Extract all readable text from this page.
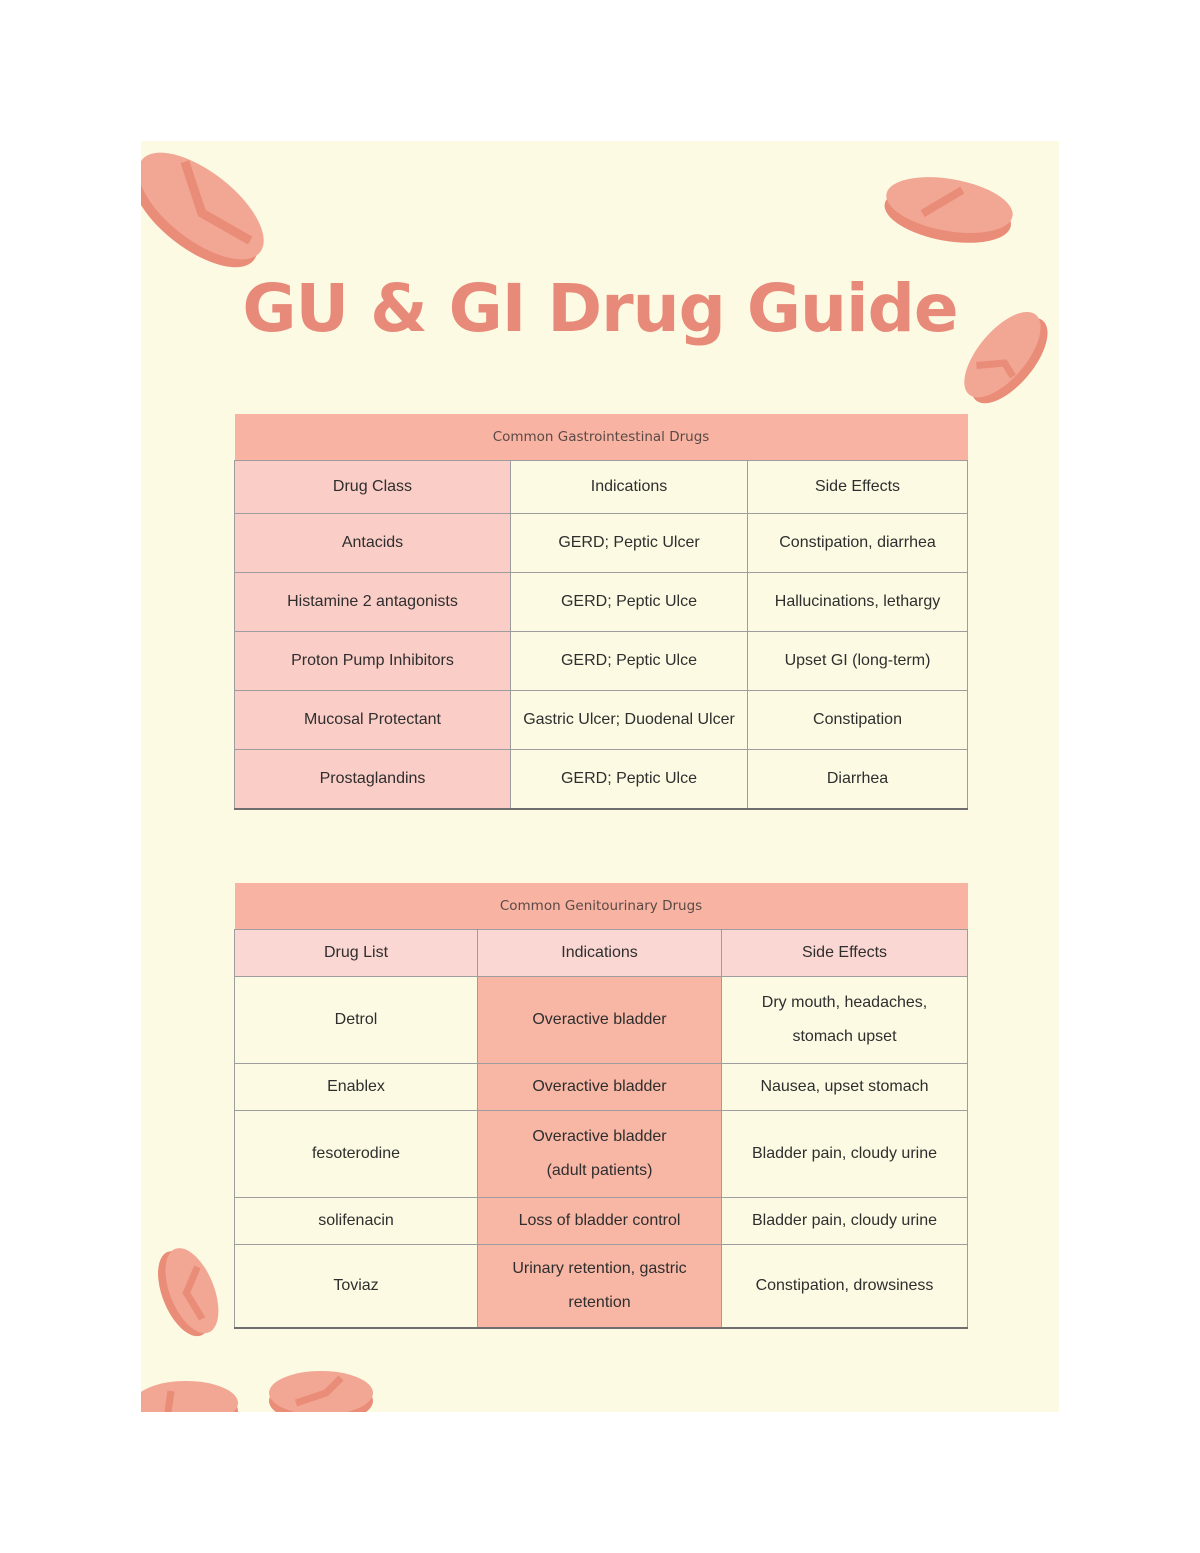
GU & GI Drug Guide
Common Gastrointestinal Drugs		
Drug Class	Indications	Side Effects
Antacids	GERD; Peptic Ulcer	Constipation, diarrhea
Histamine 2 antagonists	GERD; Peptic Ulce	Hallucinations, lethargy
Proton Pump Inhibitors	GERD; Peptic Ulce	Upset GI (long-term)
Mucosal Protectant	Gastric Ulcer; Duodenal Ulcer	Constipation
Prostaglandins	GERD; Peptic Ulce	Diarrhea
Common Genitourinary Drugs		
Drug List	Indications	Side Effects
Detrol	Overactive bladder	Dry mouth, headaches, stomach upset

Enablex	Overactive bladder	Nausea, upset stomach
fesoterodine	Overactive bladder (adult patients)	Bladder pain, cloudy urine
solifenacin	Loss of bladder control	Bladder pain, cloudy urine
Toviaz	Urinary retention, gastric retention	Constipation, drowsiness
